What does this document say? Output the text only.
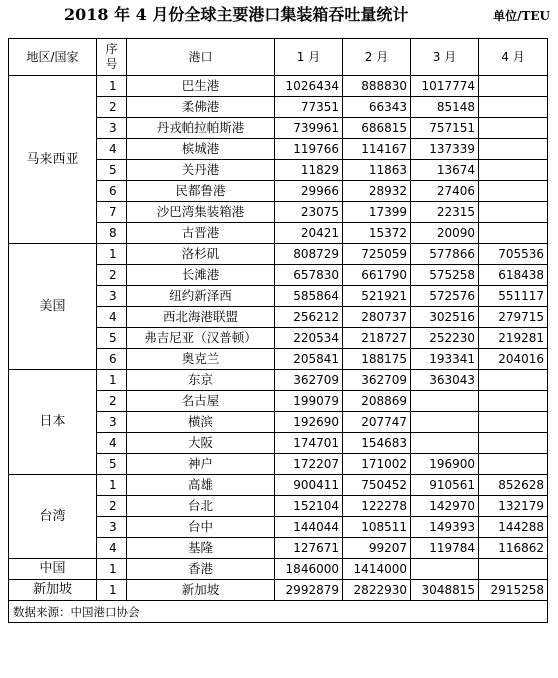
2018 年 4 月份全球主要港口集装箱吞吐量统计	单位/TEU
地区/国家	序号	港口	1 月	2 月	3 月	4 月
马来西亚	1	巴生港	1026434	888830	1017774	
	2	柔佛港	77351	66343	85148	
	3	丹戎帕拉帕斯港	739961	686815	757151	
	4	槟城港	119766	114167	137339	
	5	关丹港	11829	11863	13674	
	6	民都鲁港	29966	28932	27406	
	7	沙巴湾集装箱港	23075	17399	22315	
	8	古晋港	20421	15372	20090	
美国	1	洛杉矶	808729	725059	577866	705536
	2	长滩港	657830	661790	575258	618438
	3	纽约新泽西	585864	521921	572576	551117
	4	西北海港联盟	256212	280737	302516	279715
	5	弗吉尼亚（汉普顿）	220534	218727	252230	219281
	6	奥克兰	205841	188175	193341	204016
日本	1	东京	362709	362709	363043	
	2	名古屋	199079	208869		
	3	横滨	192690	207747		
	4	大阪	174701	154683		
	5	神户	172207	171002	196900	
台湾	1	高雄	900411	750452	910561	852628
	2	台北	152104	122278	142970	132179
	3	台中	144044	108511	149393	144288
	4	基隆	127671	99207	119784	116862
中国	1	香港	1846000	1414000		
新加坡	1	新加坡	2992879	2822930	3048815	2915258
数据来源：中国港口协会						
